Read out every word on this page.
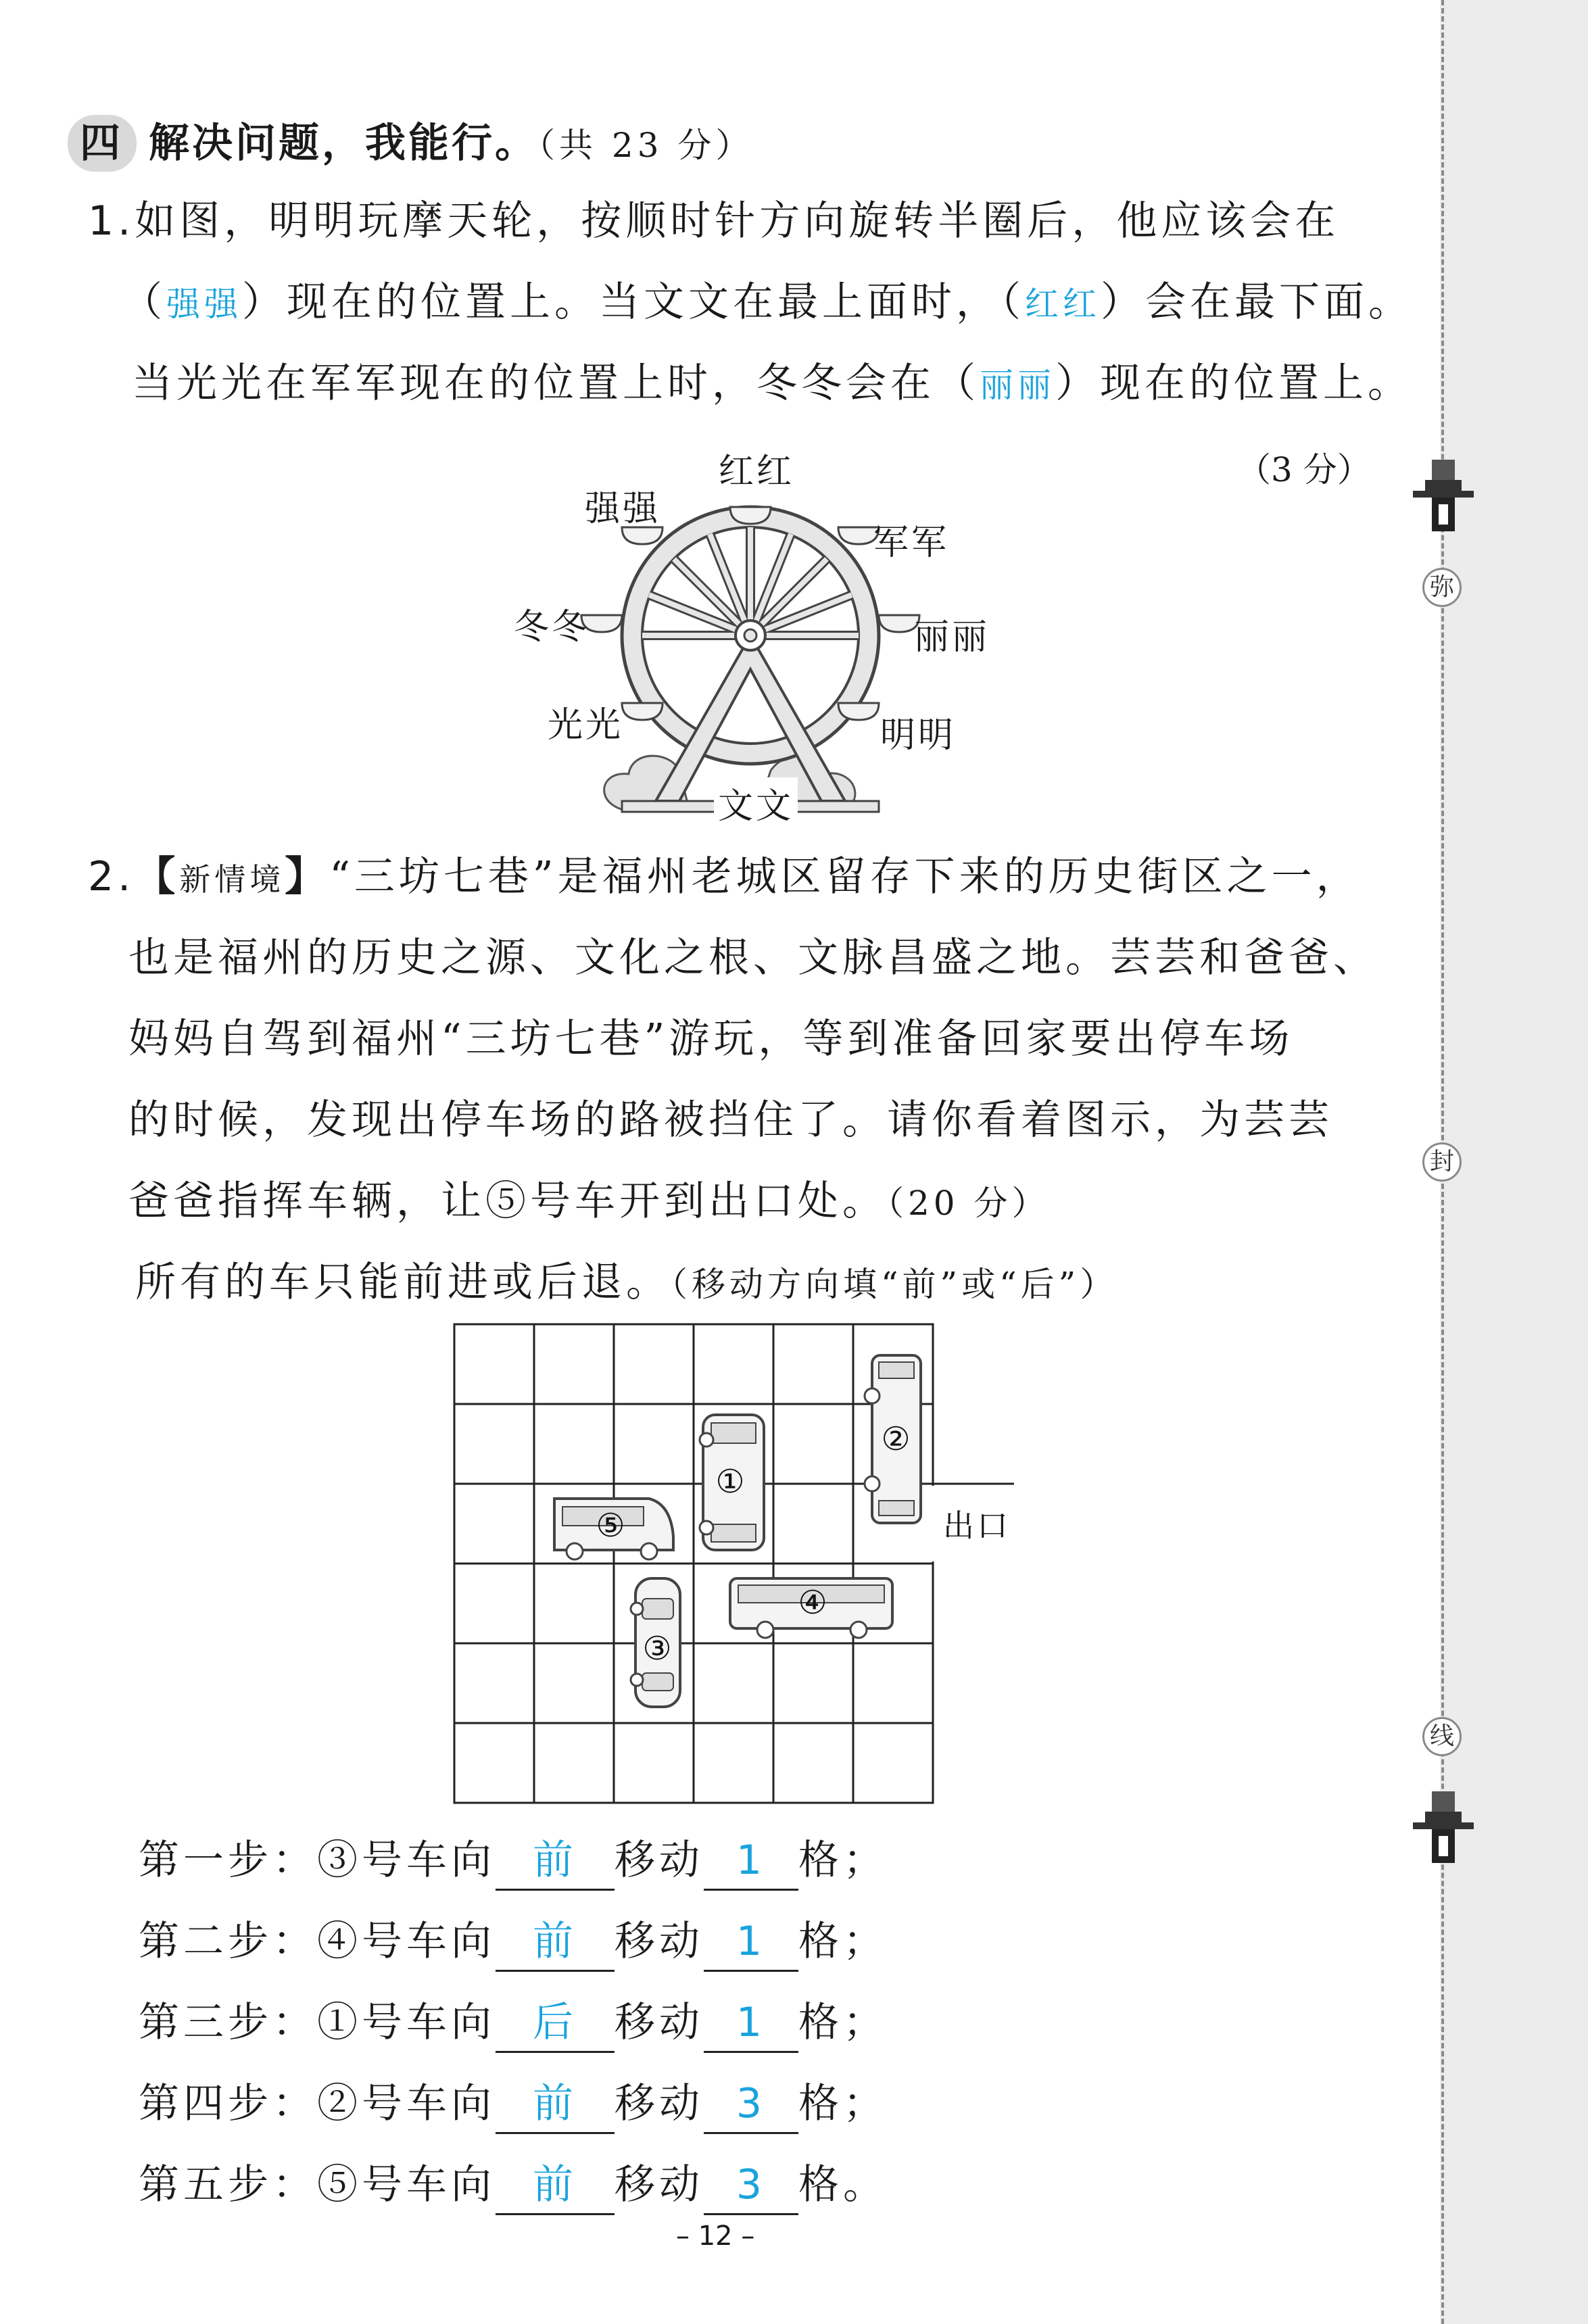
弥
封
线
四 解决问题，我能行。（共 23 分）
1.如图，明明玩摩天轮，按顺时针方向旋转半圈后，他应该会在
（强强）现在的位置上。当文文在最上面时，（红红）会在最下面。
当光光在军军现在的位置上时，冬冬会在（丽丽）现在的位置上。
（3 分）
红红
强强
军军
冬冬	丽丽
光光	明明
文文
2.【新情境】“三坊七巷”是福州老城区留存下来的历史街区之一，
也是福州的历史之源、文化之根、文脉昌盛之地。芸芸和爸爸、
妈妈自驾到福州“三坊七巷”游玩，等到准备回家要出停车场
的时候，发现出停车场的路被挡住了。请你看着图示，为芸芸
爸爸指挥车辆，让⑤号车开到出口处。（20 分）
所有的车只能前进或后退。（移动方向填“前”或“后”）
①
②
③
④
⑤	出口
第一步：③号车向 前 移动 1 格；
第二步：④号车向 前 移动 1 格；
第三步：①号车向 后 移动 1 格；
第四步：②号车向 前 移动 3 格；
第五步：⑤号车向 前 移动 3 格。
– 12 –
